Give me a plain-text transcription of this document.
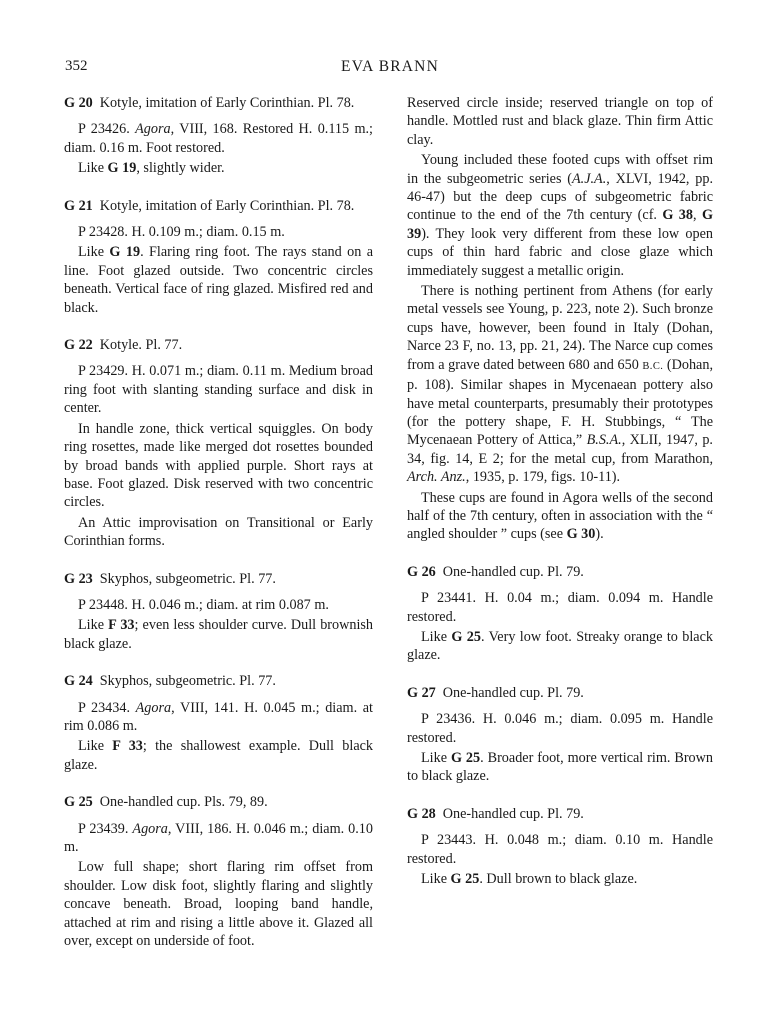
352	EVA BRANN
G 20 Kotyle, imitation of Early Corinthian. Pl. 78.
P 23426. Agora, VIII, 168. Restored H. 0.115 m.; diam. 0.16 m. Foot restored.
Like G 19, slightly wider.
G 21 Kotyle, imitation of Early Corinthian. Pl. 78.
P 23428. H. 0.109 m.; diam. 0.15 m.
Like G 19. Flaring ring foot. The rays stand on a line. Foot glazed outside. Two concentric circles beneath. Vertical face of ring glazed. Misfired red and black.
G 22 Kotyle. Pl. 77.
P 23429. H. 0.071 m.; diam. 0.11 m. Medium broad ring foot with slanting standing surface and disk in center.
In handle zone, thick vertical squiggles. On body ring rosettes, made like merged dot rosettes bounded by broad bands with applied purple. Short rays at base. Foot glazed. Disk reserved with two concentric circles.
An Attic improvisation on Transitional or Early Corinthian forms.
G 23 Skyphos, subgeometric. Pl. 77.
P 23448. H. 0.046 m.; diam. at rim 0.087 m.
Like F 33; even less shoulder curve. Dull brownish black glaze.
G 24 Skyphos, subgeometric. Pl. 77.
P 23434. Agora, VIII, 141. H. 0.045 m.; diam. at rim 0.086 m.
Like F 33; the shallowest example. Dull black glaze.
G 25 One-handled cup. Pls. 79, 89.
P 23439. Agora, VIII, 186. H. 0.046 m.; diam. 0.10 m.
Low full shape; short flaring rim offset from shoulder. Low disk foot, slightly flaring and slightly concave beneath. Broad, looping band handle, attached at rim and rising a little above it. Glazed all over, except on underside of foot.
Reserved circle inside; reserved triangle on top of handle. Mottled rust and black glaze. Thin firm Attic clay.
Young included these footed cups with offset rim in the subgeometric series (A.J.A., XLVI, 1942, pp. 46-47) but the deep cups of subgeometric fabric continue to the end of the 7th century (cf. G 38, G 39). They look very different from these low open cups of thin hard fabric and close glaze which immediately suggest a metallic origin.
There is nothing pertinent from Athens (for early metal vessels see Young, p. 223, note 2). Such bronze cups have, however, been found in Italy (Dohan, Narce 23 F, no. 13, pp. 21, 24). The Narce cup comes from a grave dated between 680 and 650 B.C. (Dohan, p. 108). Similar shapes in Mycenaean pottery also have metal counterparts, presumably their prototypes (for the pottery shape, F. H. Stubbings, “ The Mycenaean Pottery of Attica,” B.S.A., XLII, 1947, p. 34, fig. 14, E 2; for the metal cup, from Marathon, Arch. Anz., 1935, p. 179, figs. 10-11).
These cups are found in Agora wells of the second half of the 7th century, often in association with the “ angled shoulder ” cups (see G 30).
G 26 One-handled cup. Pl. 79.
P 23441. H. 0.04 m.; diam. 0.094 m. Handle restored.
Like G 25. Very low foot. Streaky orange to black glaze.
G 27 One-handled cup. Pl. 79.
P 23436. H. 0.046 m.; diam. 0.095 m. Handle restored.
Like G 25. Broader foot, more vertical rim. Brown to black glaze.
G 28 One-handled cup. Pl. 79.
P 23443. H. 0.048 m.; diam. 0.10 m. Handle restored.
Like G 25. Dull brown to black glaze.
